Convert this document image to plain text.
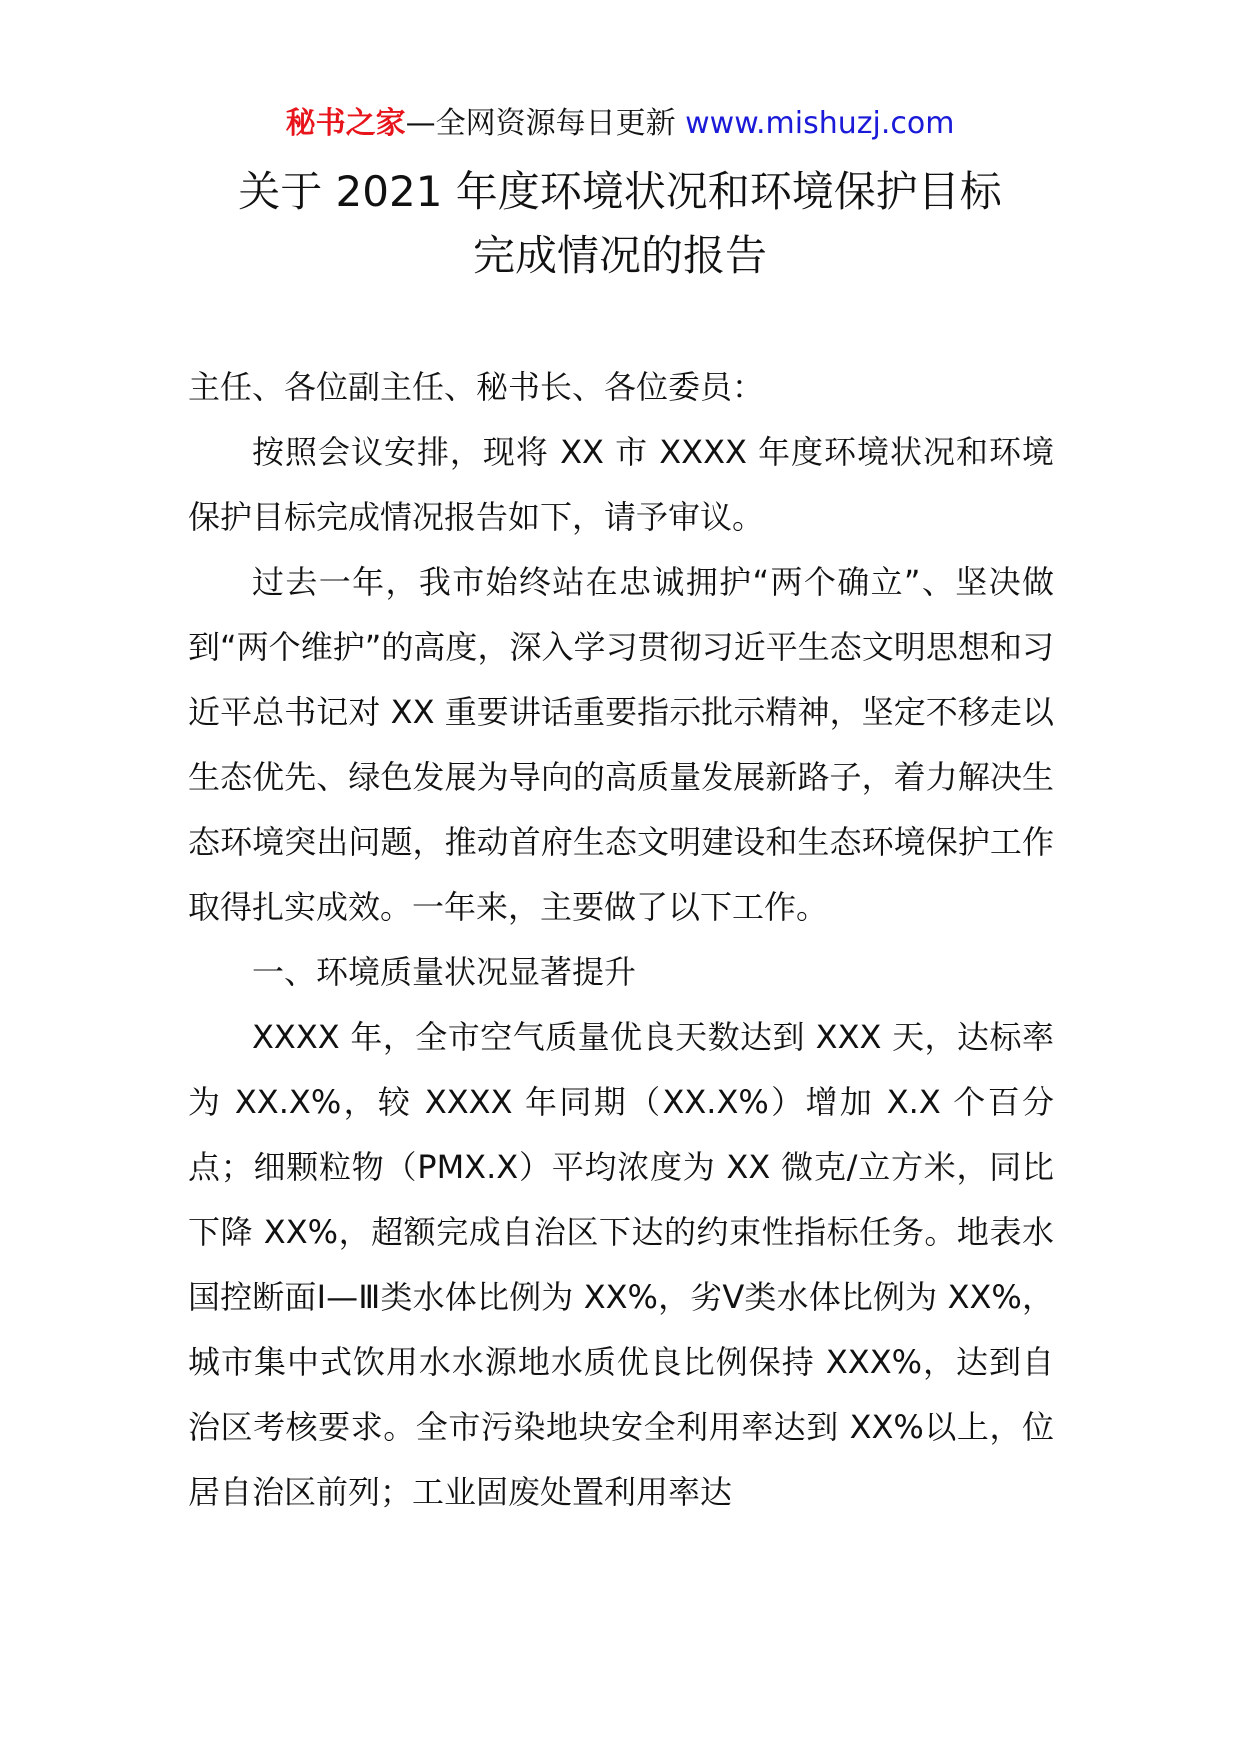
秘书之家—全网资源每日更新 www.mishuzj.com
关于 2021 年度环境状况和环境保护目标
完成情况的报告

主任、各位副主任、秘书长、各位委员：

按照会议安排，现将 XX 市 XXXX 年度环境状况和环境保护目标完成情况报告如下，请予审议。

过去一年，我市始终站在忠诚拥护“两个确立”、坚决做到“两个维护”的高度，深入学习贯彻习近平生态文明思想和习近平总书记对 XX 重要讲话重要指示批示精神，坚定不移走以生态优先、绿色发展为导向的高质量发展新路子，着力解决生态环境突出问题，推动首府生态文明建设和生态环境保护工作取得扎实成效。一年来，主要做了以下工作。

一、环境质量状况显著提升

XXXX 年，全市空气质量优良天数达到 XXX 天，达标率为 XX.X%，较 XXXX 年同期（XX.X%）增加 X.X 个百分点；细颗粒物（PMX.X）平均浓度为 XX 微克/立方米，同比下降 XX%，超额完成自治区下达的约束性指标任务。地表水国控断面Ⅰ—Ⅲ类水体比例为 XX%，劣Ⅴ类水体比例为 XX%，城市集中式饮用水水源地水质优良比例保持 XXX%，达到自治区考核要求。全市污染地块安全利用率达到 XX%以上，位居自治区前列；工业固废处置利用率达
